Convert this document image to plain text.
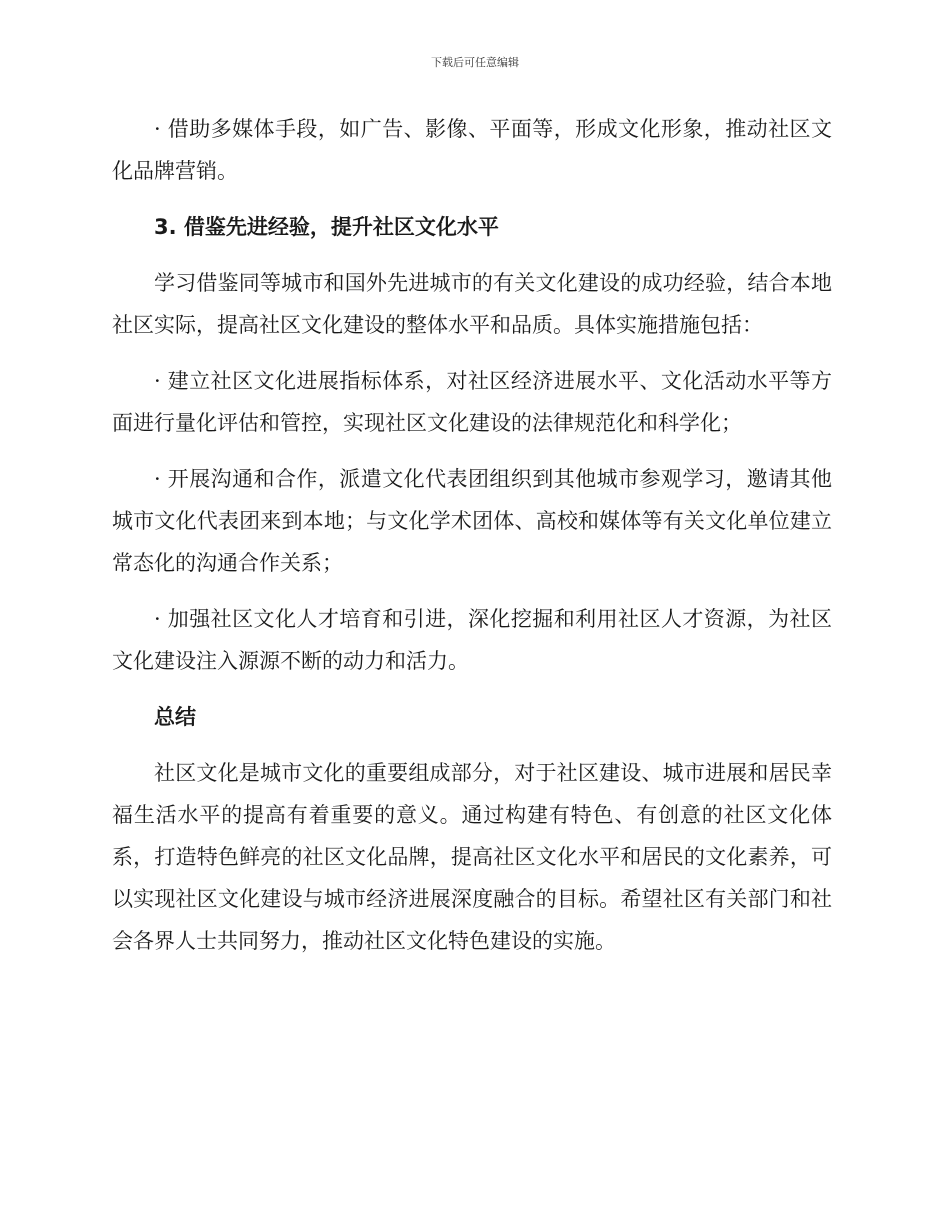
下载后可任意编辑

· 借助多媒体手段，如广告、影像、平面等，形成文化形象，推动社区文化品牌营销。

3. 借鉴先进经验，提升社区文化水平

学习借鉴同等城市和国外先进城市的有关文化建设的成功经验，结合本地社区实际，提高社区文化建设的整体水平和品质。具体实施措施包括：

· 建立社区文化进展指标体系，对社区经济进展水平、文化活动水平等方面进行量化评估和管控，实现社区文化建设的法律规范化和科学化；

· 开展沟通和合作，派遣文化代表团组织到其他城市参观学习，邀请其他城市文化代表团来到本地；与文化学术团体、高校和媒体等有关文化单位建立常态化的沟通合作关系；

· 加强社区文化人才培育和引进，深化挖掘和利用社区人才资源，为社区文化建设注入源源不断的动力和活力。

总结

社区文化是城市文化的重要组成部分，对于社区建设、城市进展和居民幸福生活水平的提高有着重要的意义。通过构建有特色、有创意的社区文化体系，打造特色鲜亮的社区文化品牌，提高社区文化水平和居民的文化素养，可以实现社区文化建设与城市经济进展深度融合的目标。希望社区有关部门和社会各界人士共同努力，推动社区文化特色建设的实施。
